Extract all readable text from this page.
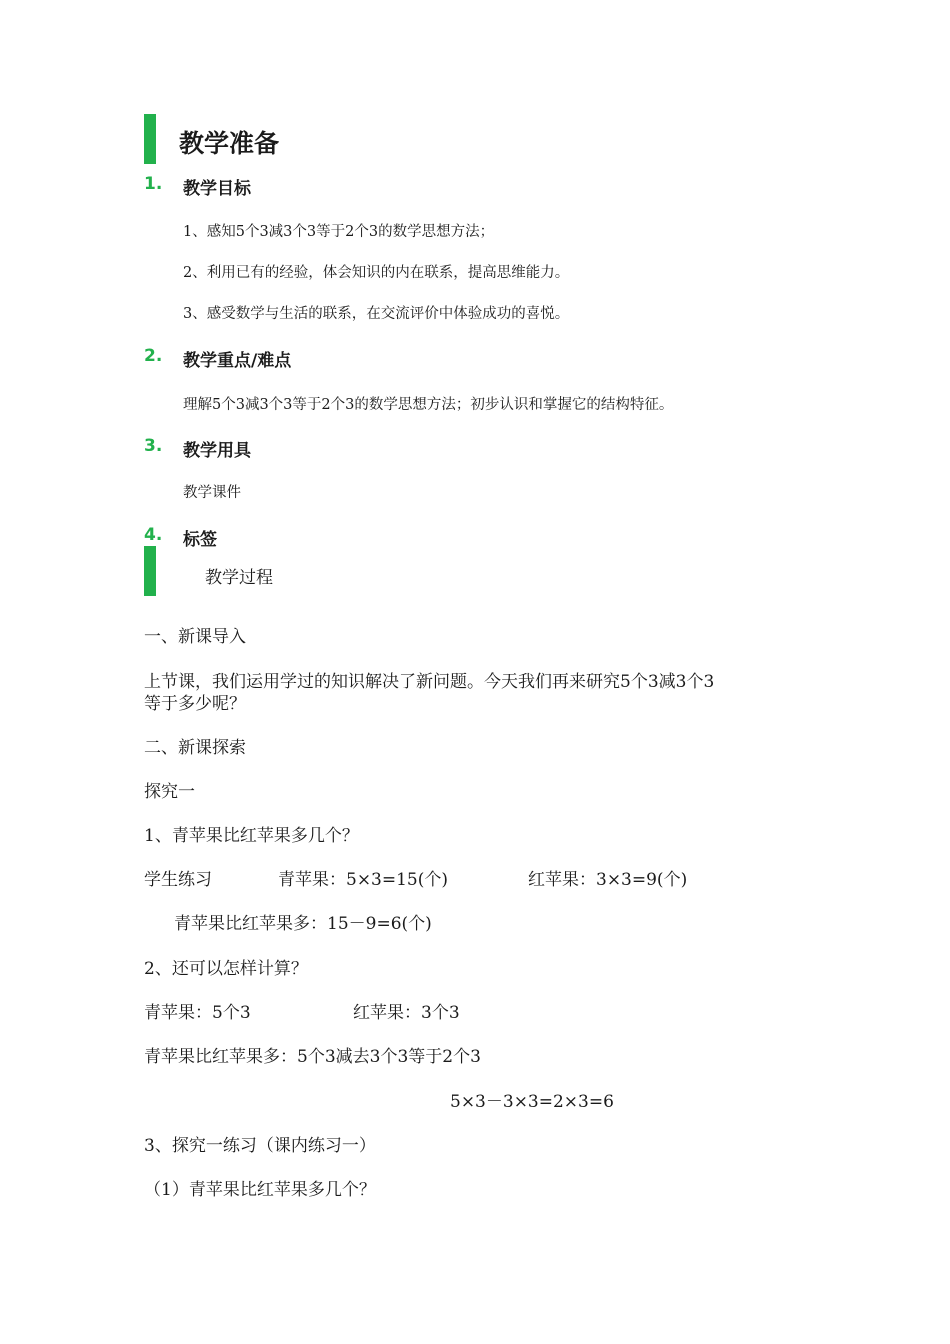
教学准备
1. 教学目标
1、感知5个3减3个3等于2个3的数学思想方法；
2、利用已有的经验，体会知识的内在联系，提高思维能力。
3、感受数学与生活的联系，在交流评价中体验成功的喜悦。
2. 教学重点/难点
理解5个3减3个3等于2个3的数学思想方法；初步认识和掌握它的结构特征。
3. 教学用具
教学课件
4. 标签
教学过程
一、新课导入
上节课，我们运用学过的知识解决了新问题。今天我们再来研究5个3减3个3
等于多少呢？
二、新课探索
探究一
1、青苹果比红苹果多几个？
学生练习	青苹果：5×3=15(个)	红苹果：3×3=9(个)
青苹果比红苹果多：15－9=6(个)
2、还可以怎样计算？
青苹果：5个3	红苹果：3个3
青苹果比红苹果多：5个3减去3个3等于2个3
5×3－3×3=2×3=6
3、探究一练习（课内练习一）
（1）青苹果比红苹果多几个？
